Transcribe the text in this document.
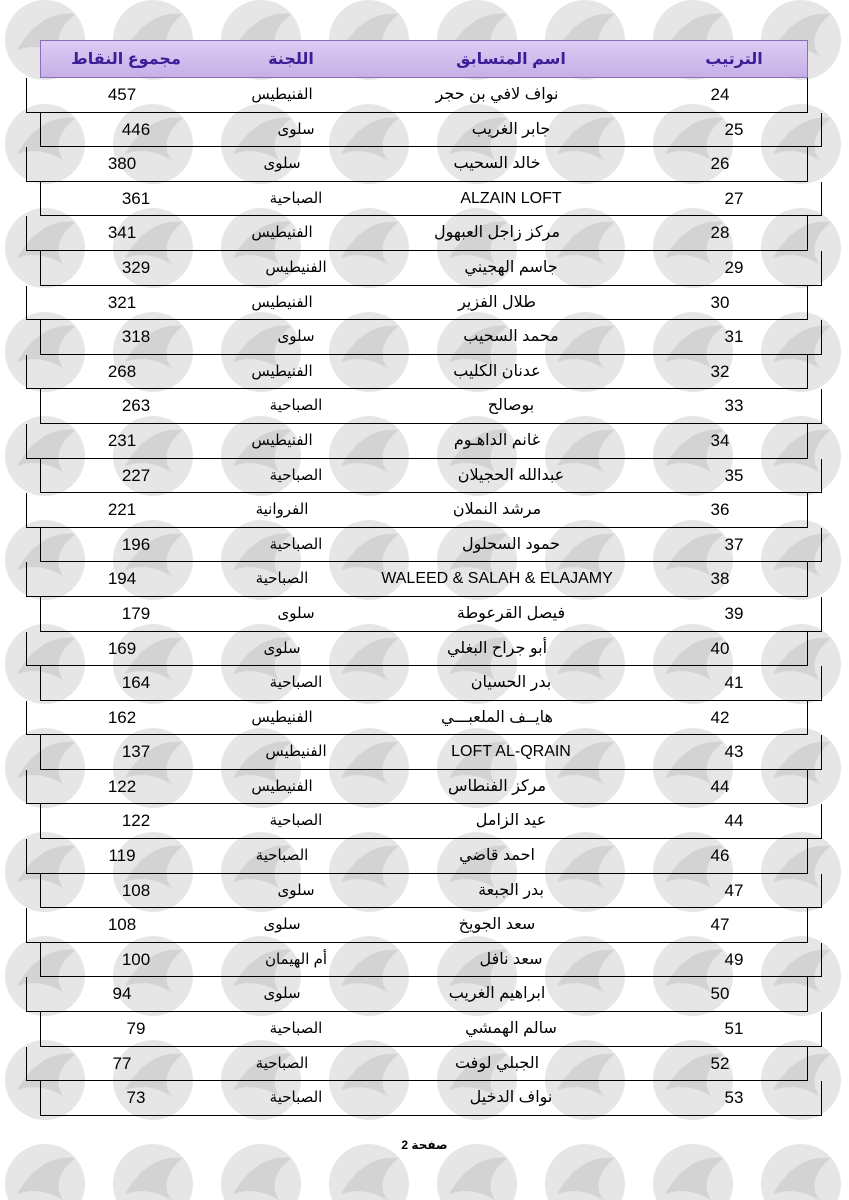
الترتيب
اسم المتسابق
اللجنة
مجموع النقاط
24
نواف لافي بن حجر
الفنيطيس
457
25
جابر الغريب
سلوى
446
26
خالد السحيب
سلوى
380
27
ALZAIN LOFT
الصباحية
361
28
مركز زاجل العبهول
الفنيطيس
341
29
جاسم الهجيني
الفنيطيس
329
30
طلال الفزير
الفنيطيس
321
31
محمد السحيب
سلوى
318
32
عدنان الكليب
الفنيطيس
268
33
بوصالح
الصباحية
263
34
غانم الداهـوم
الفنيطيس
231
35
عبدالله الحجيلان
الصباحية
227
36
مرشد النملان
الفروانية
221
37
حمود السحلول
الصباحية
196
38
WALEED & SALAH & ELAJAMY
الصباحية
194
39
فيصل القرعوطة
سلوى
179
40
أبو جراح البغلي
سلوى
169
41
بدر الحسيان
الصباحية
164
42
هايــف الملعبـــي
الفنيطيس
162
43
LOFT AL-QRAIN
الفنيطيس
137
44
مركز الفنطاس
الفنيطيس
122
44
عيد الزامل
الصباحية
122
46
احمد قاضي
الصباحية
119
47
بدر الجبعة
سلوى
108
47
سعد الجويخ
سلوى
108
49
سعد نافل
أم الهيمان
100
50
ابراهيم الغريب
سلوى
94
51
سالم الهمشي
الصباحية
79
52
الجبلي لوفت
الصباحية
77
53
نواف الدخيل
الصباحية
73
صفحة 2
